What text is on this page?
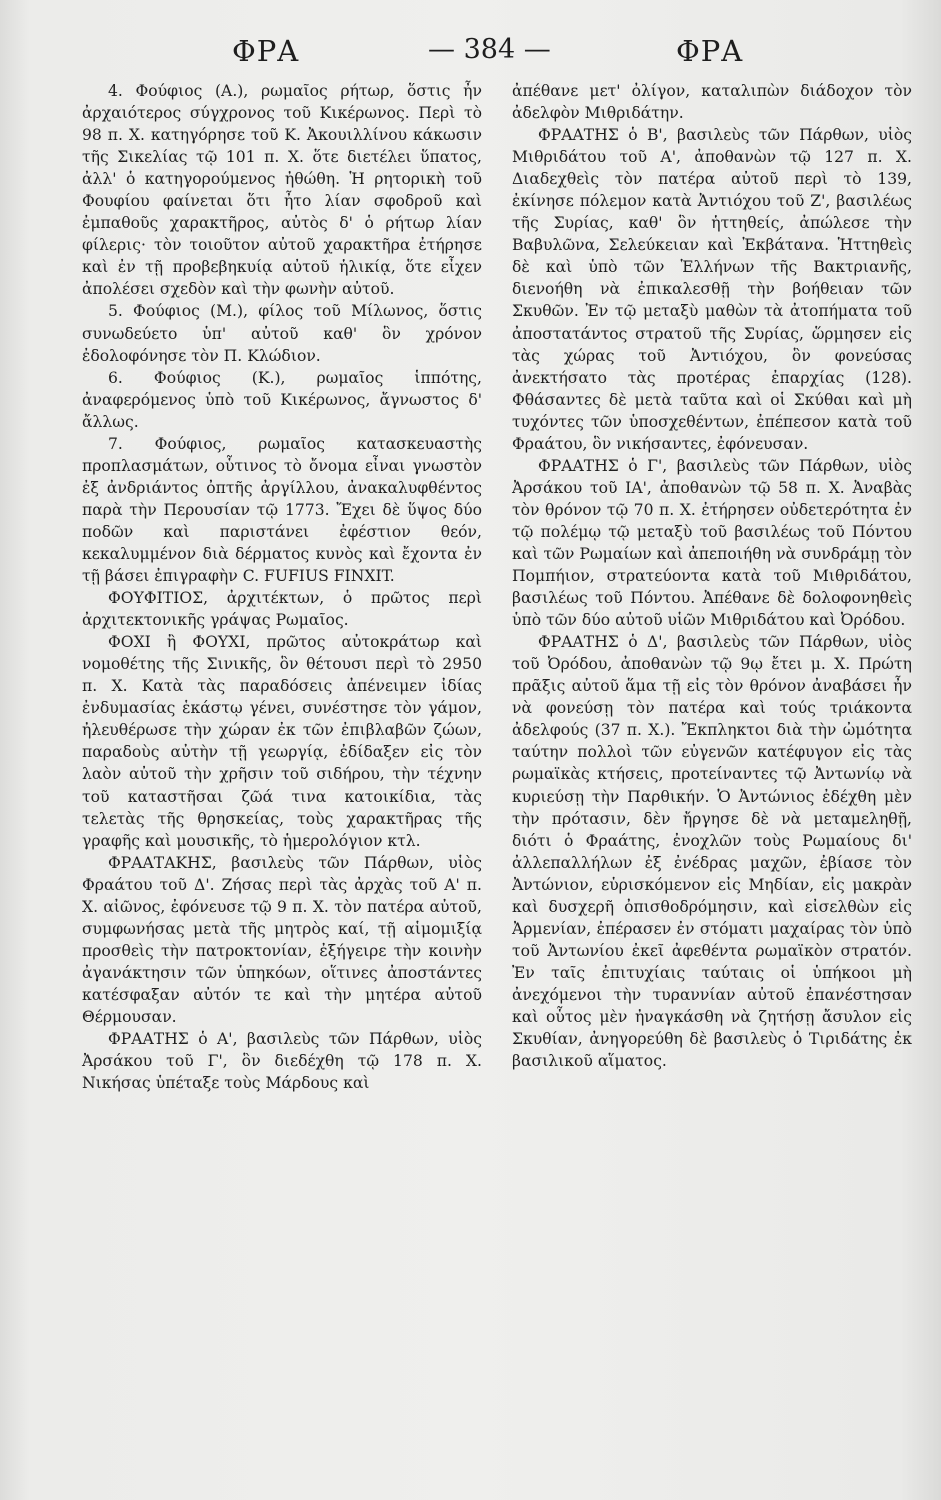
ΦΡΑ	— 384 —	ΦΡΑ

4. Φούφιος (Α.), ρωμαῖος ρήτωρ, ὅστις ἦν ἀρχαιότερος σύγχρονος τοῦ Κικέρωνος. Περὶ τὸ 98 π. Χ. κατηγόρησε τοῦ Κ. Ἀκουιλλίνου κάκωσιν τῆς Σικελίας τῷ 101 π. Χ. ὅτε διετέλει ὕπατος, ἀλλ' ὁ κατηγορούμενος ἠθώθη. Ἡ ρητορικὴ τοῦ Φουφίου φαίνεται ὅτι ἦτο λίαν σφοδροῦ καὶ ἐμπαθοῦς χαρακτῆρος, αὐτὸς δ' ὁ ρήτωρ λίαν φίλερις· τὸν τοιοῦτον αὐτοῦ χαρακτῆρα ἐτήρησε καὶ ἐν τῇ προβεβηκυίᾳ αὐτοῦ ἡλικίᾳ, ὅτε εἶχεν ἀπολέσει σχεδὸν καὶ τὴν φωνὴν αὐτοῦ.

5. Φούφιος (Μ.), φίλος τοῦ Μίλωνος, ὅστις συνωδεύετο ὑπ' αὐτοῦ καθ' ὃν χρόνον ἐδολοφόνησε τὸν Π. Κλώδιον.

6. Φούφιος (Κ.), ρωμαῖος ἱππότης, ἀναφερόμενος ὑπὸ τοῦ Κικέρωνος, ἄγνωστος δ' ἄλλως.

7. Φούφιος, ρωμαῖος κατασκευαστὴς προπλασμάτων, οὗτινος τὸ ὄνομα εἶναι γνωστὸν ἐξ ἀνδριάντος ὀπτῆς ἀργίλλου, ἀνακαλυφθέντος παρὰ τὴν Περουσίαν τῷ 1773. Ἔχει δὲ ὕψος δύο ποδῶν καὶ παριστάνει ἐφέστιον θεόν, κεκαλυμμένον διὰ δέρματος κυνὸς καὶ ἔχοντα ἐν τῇ βάσει ἐπιγραφὴν C. FUFIUS FINXIT.

ΦΟΥΦΙΤΙΟΣ, ἀρχιτέκτων, ὁ πρῶτος περὶ ἀρχιτεκτονικῆς γράψας Ρωμαῖος.

ΦΟΧΙ ἢ ΦΟΥΧΙ, πρῶτος αὐτοκράτωρ καὶ νομοθέτης τῆς Σινικῆς, ὃν θέτουσι περὶ τὸ 2950 π. Χ. Κατὰ τὰς παραδόσεις ἀπένειμεν ἰδίας ἐνδυμασίας ἑκάστῳ γένει, συνέστησε τὸν γάμον, ἠλευθέρωσε τὴν χώραν ἐκ τῶν ἐπιβλαβῶν ζώων, παραδοὺς αὐτὴν τῇ γεωργίᾳ, ἐδίδαξεν εἰς τὸν λαὸν αὐτοῦ τὴν χρῆσιν τοῦ σιδήρου, τὴν τέχνην τοῦ καταστῆσαι ζῶά τινα κατοικίδια, τὰς τελετὰς τῆς θρησκείας, τοὺς χαρακτῆρας τῆς γραφῆς καὶ μουσικῆς, τὸ ἡμερολόγιον κτλ.

ΦΡΑΑΤΑΚΗΣ, βασιλεὺς τῶν Πάρθων, υἱὸς Φραάτου τοῦ Δ'. Ζήσας περὶ τὰς ἀρχὰς τοῦ Α' π. Χ. αἰῶνος, ἐφόνευσε τῷ 9 π. Χ. τὸν πατέρα αὐτοῦ, συμφωνήσας μετὰ τῆς μητρὸς καί, τῇ αἱμομιξίᾳ προσθεὶς τὴν πατροκτονίαν, ἐξήγειρε τὴν κοινὴν ἀγανάκτησιν τῶν ὑπηκόων, οἵτινες ἀποστάντες κατέσφαξαν αὐτόν τε καὶ τὴν μητέρα αὐτοῦ Θέρμουσαν.

ΦΡΑΑΤΗΣ ὁ Α', βασιλεὺς τῶν Πάρθων, υἱὸς Ἀρσάκου τοῦ Γ', ὃν διεδέχθη τῷ 178 π. Χ. Νικήσας ὑπέταξε τοὺς Μάρδους καὶ

ἀπέθανε μετ' ὀλίγον, καταλιπὼν διάδοχον τὸν ἀδελφὸν Μιθριδάτην.

ΦΡΑΑΤΗΣ ὁ Β', βασιλεὺς τῶν Πάρθων, υἱὸς Μιθριδάτου τοῦ Α', ἀποθανὼν τῷ 127 π. Χ. Διαδεχθεὶς τὸν πατέρα αὐτοῦ περὶ τὸ 139, ἐκίνησε πόλεμον κατὰ Ἀντιόχου τοῦ Ζ', βασιλέως τῆς Συρίας, καθ' ὃν ἡττηθείς, ἀπώλεσε τὴν Βαβυλῶνα, Σελεύκειαν καὶ Ἐκβάτανα. Ἡττηθεὶς δὲ καὶ ὑπὸ τῶν Ἑλλήνων τῆς Βακτριανῆς, διενοήθη νὰ ἐπικαλεσθῇ τὴν βοήθειαν τῶν Σκυθῶν. Ἐν τῷ μεταξὺ μαθὼν τὰ ἀτοπήματα τοῦ ἀποστατάντος στρατοῦ τῆς Συρίας, ὥρμησεν εἰς τὰς χώρας τοῦ Ἀντιόχου, ὃν φονεύσας ἀνεκτήσατο τὰς προτέρας ἐπαρχίας (128). Φθάσαντες δὲ μετὰ ταῦτα καὶ οἱ Σκύθαι καὶ μὴ τυχόντες τῶν ὑποσχεθέντων, ἐπέπεσον κατὰ τοῦ Φραάτου, ὃν νικήσαντες, ἐφόνευσαν.

ΦΡΑΑΤΗΣ ὁ Γ', βασιλεὺς τῶν Πάρθων, υἱὸς Ἀρσάκου τοῦ ΙΑ', ἀποθανὼν τῷ 58 π. Χ. Ἀναβὰς τὸν θρόνον τῷ 70 π. Χ. ἐτήρησεν οὐδετερότητα ἐν τῷ πολέμῳ τῷ μεταξὺ τοῦ βασιλέως τοῦ Πόντου καὶ τῶν Ρωμαίων καὶ ἀπεποιήθη νὰ συνδράμῃ τὸν Πομπήιον, στρατεύοντα κατὰ τοῦ Μιθριδάτου, βασιλέως τοῦ Πόντου. Ἀπέθανε δὲ δολοφονηθεὶς ὑπὸ τῶν δύο αὐτοῦ υἱῶν Μιθριδάτου καὶ Ὀρόδου.

ΦΡΑΑΤΗΣ ὁ Δ', βασιλεὺς τῶν Πάρθων, υἱὸς τοῦ Ὀρόδου, ἀποθανὼν τῷ 9ῳ ἔτει μ. Χ. Πρώτη πρᾶξις αὐτοῦ ἅμα τῇ εἰς τὸν θρόνον ἀναβάσει ἦν νὰ φονεύσῃ τὸν πατέρα καὶ τούς τριάκοντα ἀδελφούς (37 π. Χ.). Ἔκπληκτοι διὰ τὴν ὠμότητα ταύτην πολλοὶ τῶν εὐγενῶν κατέφυγον εἰς τὰς ρωμαϊκὰς κτήσεις, προτείναντες τῷ Ἀντωνίῳ νὰ κυριεύσῃ τὴν Παρθικήν. Ὁ Ἀντώνιος ἐδέχθη μὲν τὴν πρότασιν, δὲν ἤργησε δὲ νὰ μεταμεληθῇ, διότι ὁ Φραάτης, ἐνοχλῶν τοὺς Ρωμαίους δι' ἀλλεπαλλήλων ἐξ ἐνέδρας μαχῶν, ἐβίασε τὸν Ἀντώνιον, εὑρισκόμενον εἰς Μηδίαν, εἰς μακρὰν καὶ δυσχερῆ ὀπισθοδρόμησιν, καὶ εἰσελθὼν εἰς Ἀρμενίαν, ἐπέρασεν ἐν στόματι μαχαίρας τὸν ὑπὸ τοῦ Ἀντωνίου ἐκεῖ ἀφεθέντα ρωμαϊκὸν στρατόν. Ἐν ταῖς ἐπιτυχίαις ταύταις οἱ ὑπήκοοι μὴ ἀνεχόμενοι τὴν τυραννίαν αὐτοῦ ἐπανέστησαν καὶ οὗτος μὲν ἠναγκάσθη νὰ ζητήσῃ ἄσυλον εἰς Σκυθίαν, ἀνηγορεύθη δὲ βασιλεὺς ὁ Τιριδάτης ἐκ βασιλικοῦ αἵματος.
